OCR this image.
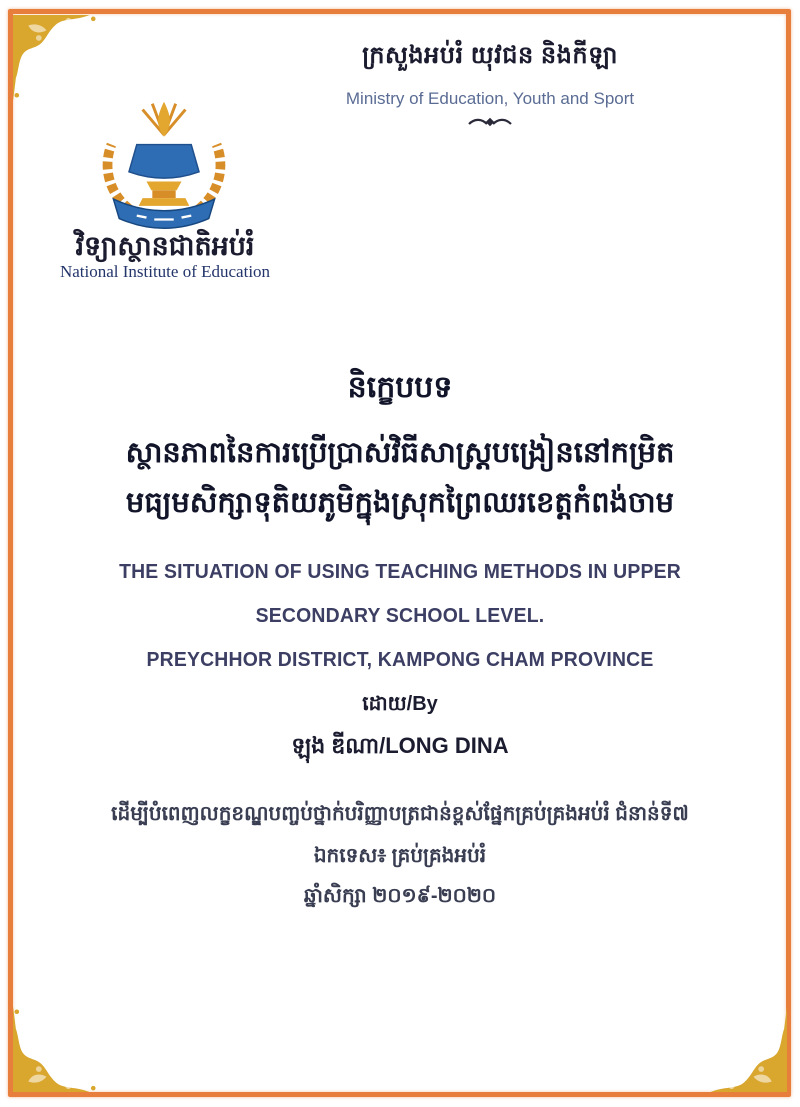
ក្រសួងអប់រំ យុវជន និងកីឡា
Ministry of Education, Youth and Sport
វិទ្យាស្ថានជាតិអប់រំ
National Institute of Education
និក្ខេបបទ
ស្ថានភាពនៃការប្រើប្រាស់វិធីសាស្រ្តបង្រៀននៅកម្រិត
មធ្យមសិក្សាទុតិយភូមិក្នុងស្រុកព្រៃឈរខេត្តកំពង់ចាម
THE SITUATION OF USING TEACHING METHODS IN UPPER
SECONDARY SCHOOL LEVEL.
PREYCHHOR DISTRICT, KAMPONG CHAM PROVINCE
ដោយ/By
ឡុង ឌីណា/LONG DINA
ដើម្បីបំពេញលក្ខខណ្ឌបញ្ចប់ថ្នាក់បរិញ្ញាបត្រជាន់ខ្ពស់ផ្នែកគ្រប់គ្រងអប់រំ ជំនាន់ទី៧
ឯកទេស៖ គ្រប់គ្រងអប់រំ
ឆ្នាំសិក្សា ២០១៩-២០២០
